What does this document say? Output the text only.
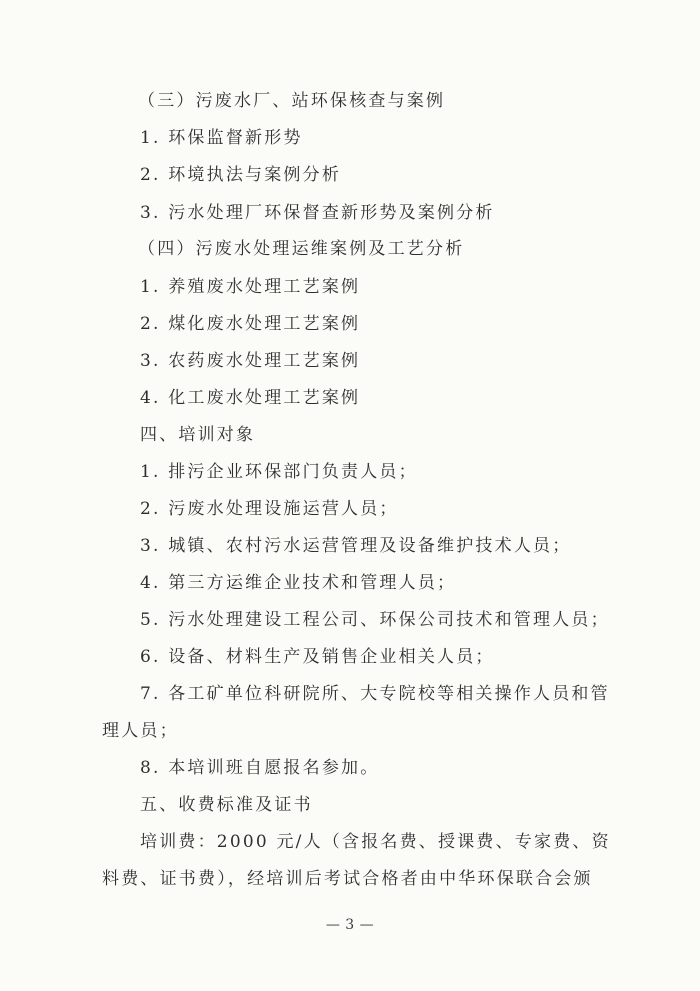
（三）污废水厂、站环保核查与案例
1. 环保监督新形势
2. 环境执法与案例分析
3. 污水处理厂环保督查新形势及案例分析
（四）污废水处理运维案例及工艺分析
1. 养殖废水处理工艺案例
2. 煤化废水处理工艺案例
3. 农药废水处理工艺案例
4. 化工废水处理工艺案例
四、培训对象
1. 排污企业环保部门负责人员；
2. 污废水处理设施运营人员；
3. 城镇、农村污水运营管理及设备维护技术人员；
4. 第三方运维企业技术和管理人员；
5. 污水处理建设工程公司、环保公司技术和管理人员；
6. 设备、材料生产及销售企业相关人员；
7. 各工矿单位科研院所、大专院校等相关操作人员和管
理人员；
8. 本培训班自愿报名参加。
五、收费标准及证书
培训费：2000 元/人（含报名费、授课费、专家费、资
料费、证书费），经培训后考试合格者由中华环保联合会颁
— 3 —
